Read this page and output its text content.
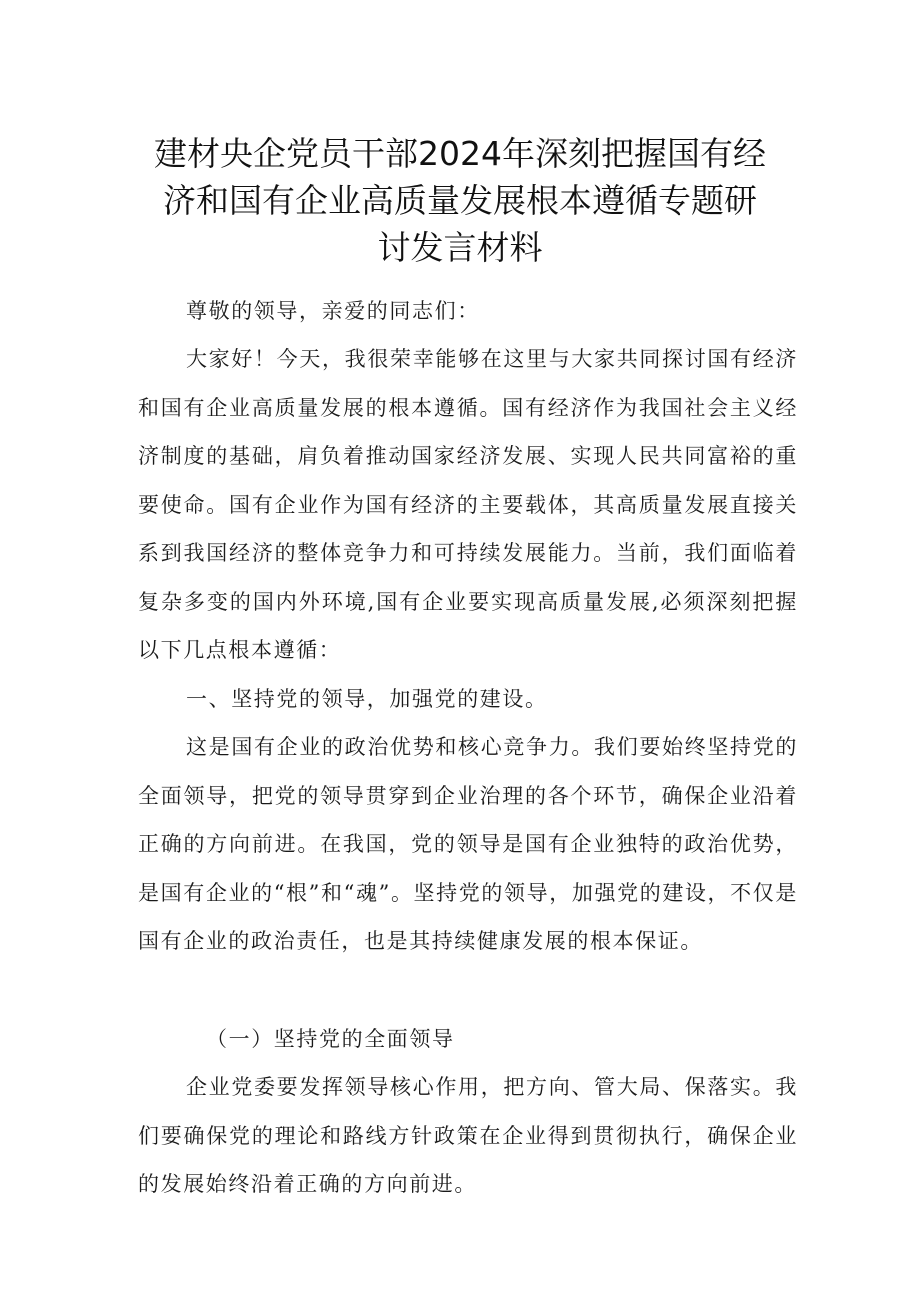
建材央企党员干部2024年深刻把握国有经济和国有企业高质量发展根本遵循专题研讨发言材料

尊敬的领导，亲爱的同志们：

大家好！今天，我很荣幸能够在这里与大家共同探讨国有经济和国有企业高质量发展的根本遵循。国有经济作为我国社会主义经济制度的基础，肩负着推动国家经济发展、实现人民共同富裕的重要使命。国有企业作为国有经济的主要载体，其高质量发展直接关系到我国经济的整体竞争力和可持续发展能力。当前，我们面临着复杂多变的国内外环境,国有企业要实现高质量发展,必须深刻把握以下几点根本遵循：

一、坚持党的领导，加强党的建设。

这是国有企业的政治优势和核心竞争力。我们要始终坚持党的全面领导，把党的领导贯穿到企业治理的各个环节，确保企业沿着正确的方向前进。在我国，党的领导是国有企业独特的政治优势，是国有企业的“根”和“魂”。坚持党的领导，加强党的建设，不仅是国有企业的政治责任，也是其持续健康发展的根本保证。

（一）坚持党的全面领导

企业党委要发挥领导核心作用，把方向、管大局、保落实。我们要确保党的理论和路线方针政策在企业得到贯彻执行，确保企业的发展始终沿着正确的方向前进。
